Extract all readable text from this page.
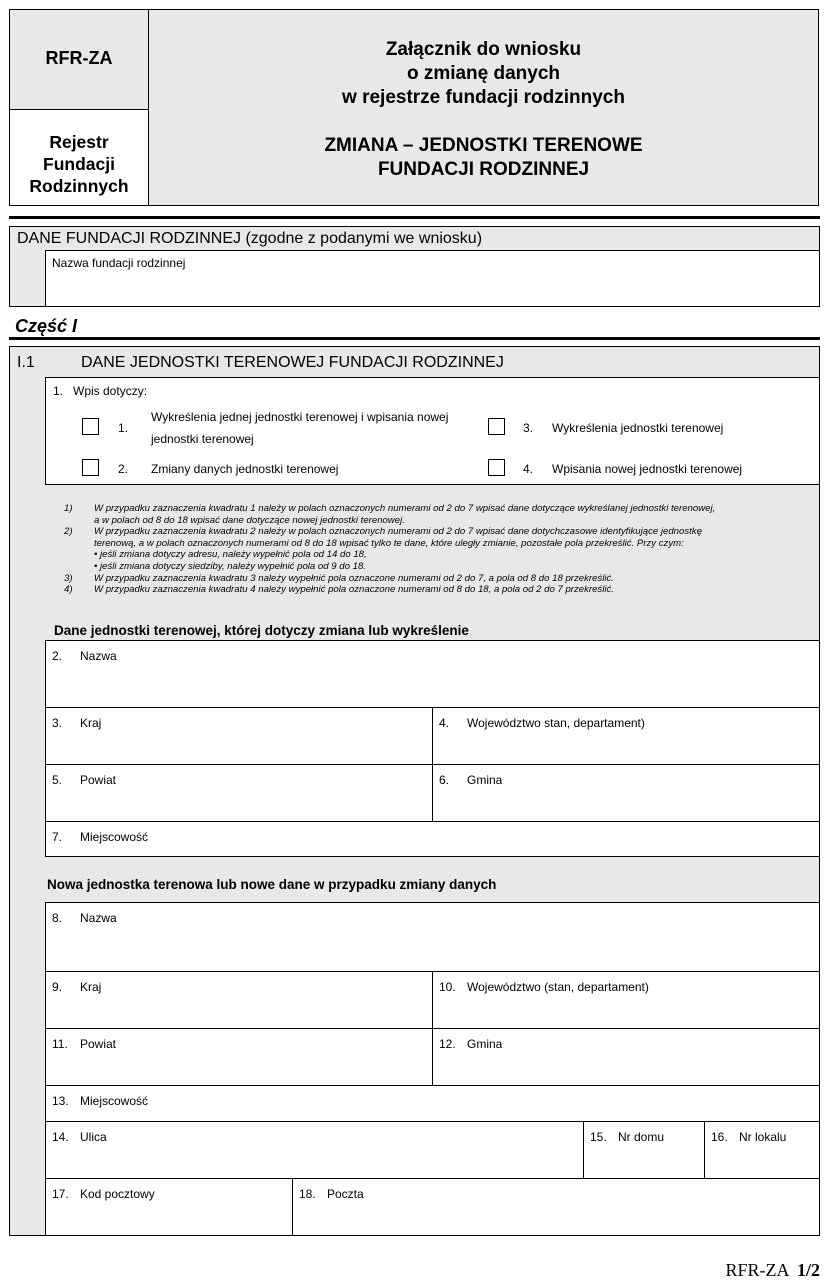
RFR-ZA
Rejestr
Fundacji
Rodzinnych
Załącznik do wniosku
o zmianę danych
w rejestrze fundacji rodzinnych
ZMIANA – JEDNOSTKI TERENOWE
FUNDACJI RODZINNEJ
DANE FUNDACJI RODZINNEJ (zgodne z podanymi we wniosku)
Nazwa fundacji rodzinnej
Część I
I.1	DANE JEDNOSTKI TERENOWEJ FUNDACJI RODZINNEJ
1.   Wpis dotyczy:
1.
Wykreślenia jednej jednostki terenowej i wpisania nowej
jednostki terenowej
2. Zmiany danych jednostki terenowej
3. Wykreślenia jednostki terenowej
4. Wpisania nowej jednostki terenowej
1) W przypadku zaznaczenia kwadratu 1 należy w polach oznaczonych numerami od 2 do 7 wpisać dane dotyczące wykreślanej jednostki terenowej,
a w polach od 8 do 18 wpisać dane dotyczące nowej jednostki terenowej.
2) W przypadku zaznaczenia kwadratu 2 należy w polach oznaczonych numerami od 2 do 7 wpisać dane dotychczasowe identyfikujące jednostkę
terenową, a w polach oznaczonych numerami od 8 do 18 wpisać tylko te dane, które uległy zmianie, pozostałe pola przekreślić. Przy czym:
• jeśli zmiana dotyczy adresu, należy wypełnić pola od 14 do 18,
• jeśli zmiana dotyczy siedziby, należy wypełnić pola od 9 do 18.
3) W przypadku zaznaczenia kwadratu 3 należy wypełnić pola oznaczone numerami od 2 do 7, a pola od 8 do 18 przekreślić.
4) W przypadku zaznaczenia kwadratu 4 należy wypełnić pola oznaczone numerami od 8 do 18, a pola od 2 do 7 przekreślić.
Dane jednostki terenowej, której dotyczy zmiana lub wykreślenie
2. Nazwa
3. Kraj	4. Województwo stan, departament)
5. Powiat	6. Gmina
7. Miejscowość
Nowa jednostka terenowa lub nowe dane w przypadku zmiany danych
8. Nazwa
9. Kraj	10. Województwo (stan, departament)
11. Powiat	12. Gmina
13. Miejscowość
14. Ulica	15. Nr domu	16. Nr lokalu
17. Kod pocztowy	18. Poczta
RFR-ZA 1/2
